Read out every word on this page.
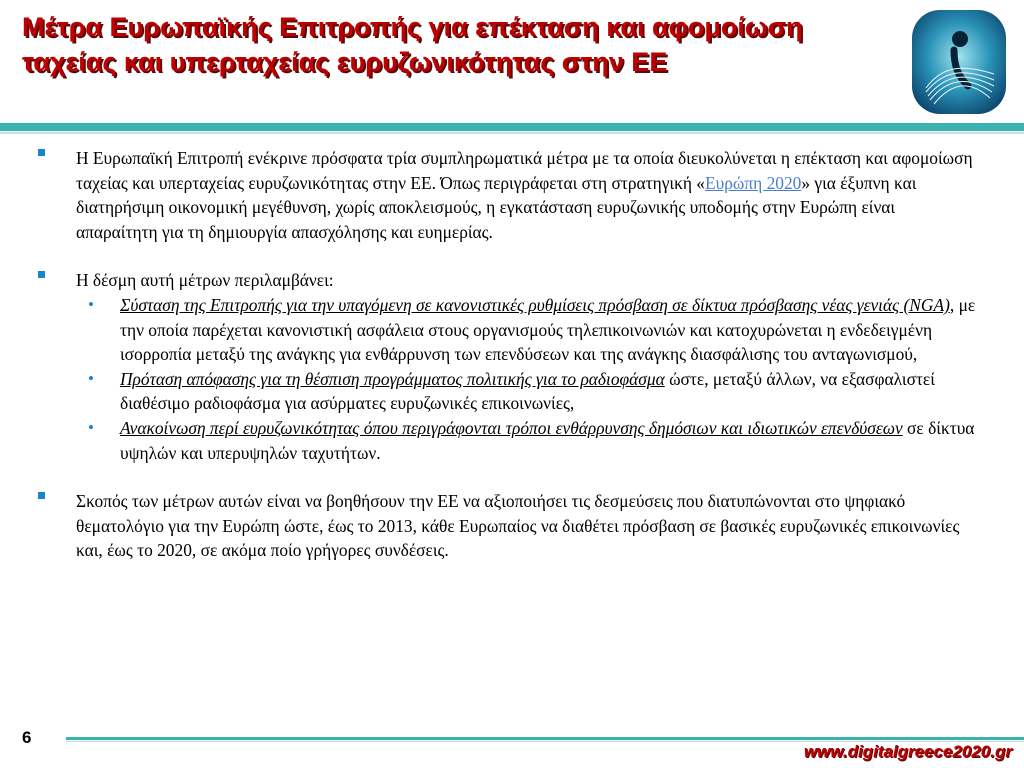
Μέτρα Ευρωπαϊκής Επιτροπής για επέκταση και αφομοίωση ταχείας και υπερταχείας ευρυζωνικότητας στην ΕΕ

Η Ευρωπαϊκή Επιτροπή ενέκρινε πρόσφατα τρία συμπληρωματικά μέτρα με τα οποία διευκολύνεται η επέκταση και αφομοίωση ταχείας και υπερταχείας ευρυζωνικότητας στην ΕΕ. Όπως περιγράφεται στη στρατηγική «Ευρώπη 2020» για έξυπνη και διατηρήσιμη οικονομική μεγέθυνση, χωρίς αποκλεισμούς, η εγκατάσταση ευρυζωνικής υποδομής στην Ευρώπη είναι απαραίτητη για τη δημιουργία απασχόλησης και ευημερίας.

Η δέσμη αυτή μέτρων περιλαμβάνει:

• Σύσταση της Επιτροπής για την υπαγόμενη σε κανονιστικές ρυθμίσεις πρόσβαση σε δίκτυα πρόσβασης νέας γενιάς (NGA), με την οποία παρέχεται κανονιστική ασφάλεια στους οργανισμούς τηλεπικοινωνιών και κατοχυρώνεται η ενδεδειγμένη ισορροπία μεταξύ της ανάγκης για ενθάρρυνση των επενδύσεων και της ανάγκης διασφάλισης του ανταγωνισμού,

• Πρόταση απόφασης για τη θέσπιση προγράμματος πολιτικής για το ραδιοφάσμα ώστε, μεταξύ άλλων, να εξασφαλιστεί διαθέσιμο ραδιοφάσμα για ασύρματες ευρυζωνικές επικοινωνίες,

• Ανακοίνωση περί ευρυζωνικότητας όπου περιγράφονται τρόποι ενθάρρυνσης δημόσιων και ιδιωτικών επενδύσεων σε δίκτυα υψηλών και υπερυψηλών ταχυτήτων.

Σκοπός των μέτρων αυτών είναι να βοηθήσουν την ΕΕ να αξιοποιήσει τις δεσμεύσεις που διατυπώνονται στο ψηφιακό θεματολόγιο για την Ευρώπη ώστε, έως το 2013, κάθε Ευρωπαίος να διαθέτει πρόσβαση σε βασικές ευρυζωνικές επικοινωνίες και, έως το 2020, σε ακόμα ποίο γρήγορες συνδέσεις.

6
www.digitalgreece2020.gr
